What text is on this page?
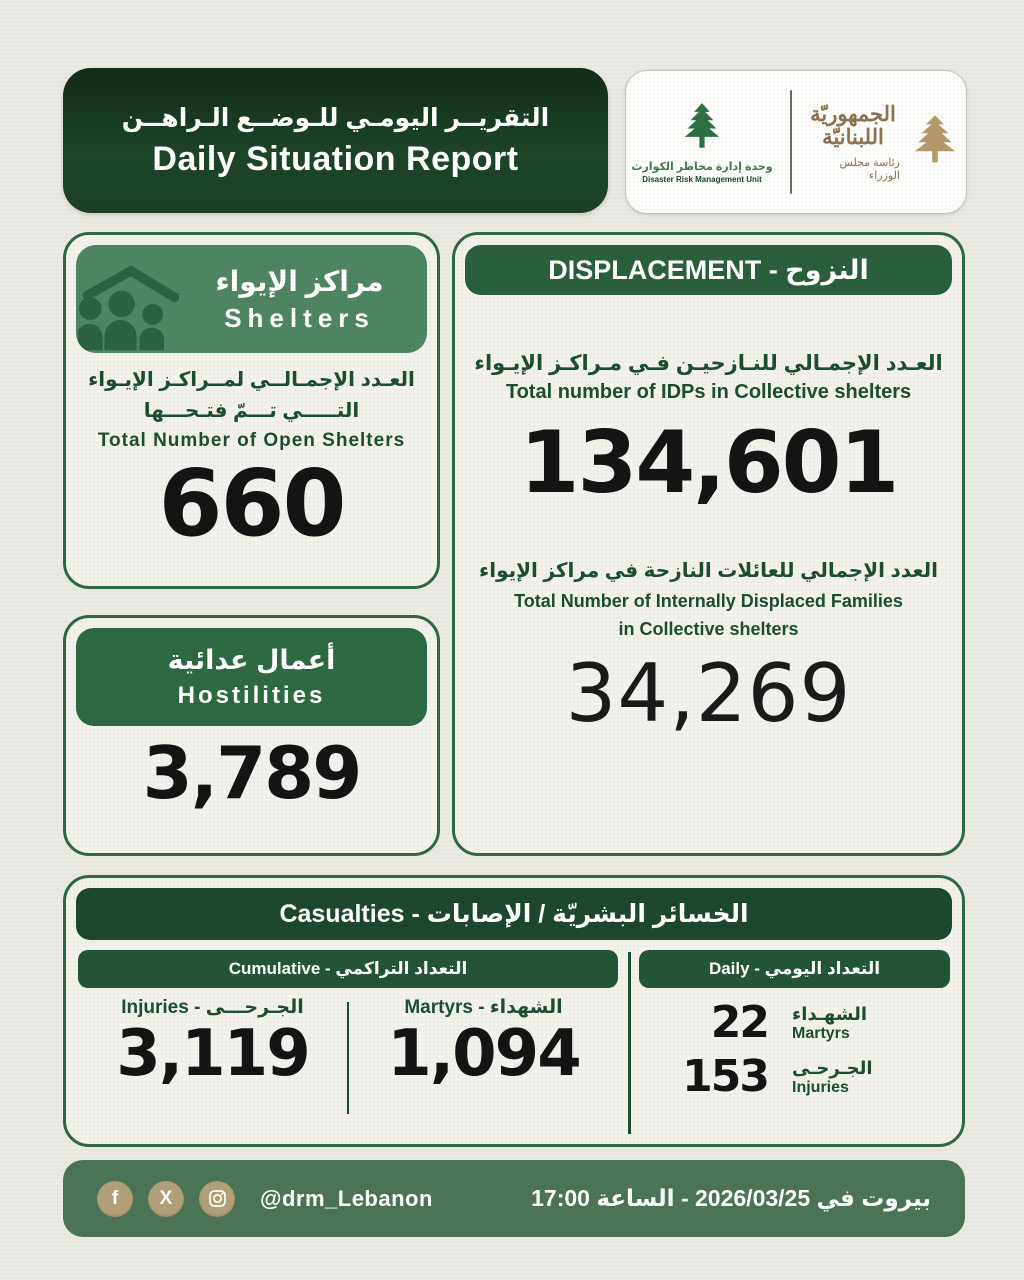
التقريــر اليومـي للـوضــع الـراهــن
Daily Situation Report	وحدة إدارة مخاطر الكوارث
Disaster Risk Management Unit
الجمهوريّة
اللبنانيّة
رئاسة مجلس الوزراء
مراكز الإيواء
Shelters
العـدد الإجمـالــي لمــراكـز الإيـواء
التـــــي تـــمّ فتـحـــها
Total Number of Open Shelters
660
أعمال عدائية
Hostilities
3,789
النزوح - DISPLACEMENT
العـدد الإجمـالي للنـازحيـن فـي مـراكـز الإيـواء
Total number of IDPs in Collective shelters
134,601
العدد الإجمالي للعائلات النازحة في مراكز الإيواء
Total Number of Internally Displaced Families
in Collective shelters
34,269
الخسائر البشريّة / الإصابات - Casualties
التعداد التراكمي - Cumulative
الجـرحـــى - Injuries
3,119
الشهداء - Martyrs
1,094
التعداد اليومي - Daily
22 الشهـداء
Martyrs
153 الجـرحـى
Injuries
f	X	@drm_Lebanon	بيروت في 2026/03/25 - الساعة 17:00
